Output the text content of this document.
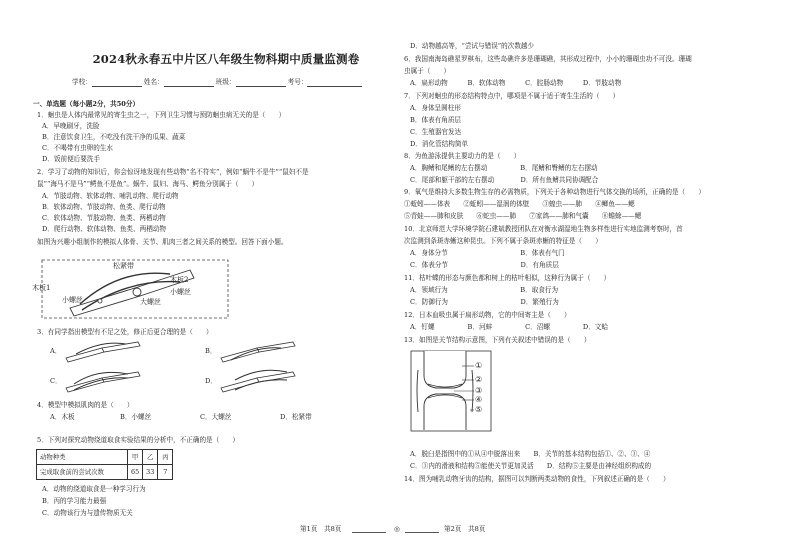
2024秋永春五中片区八年级生物科期中质量监测卷
学校：	姓名：	班级：	考号：
一、单选题（每小题2分，共50分）
1．蛔虫是人体内最常见的寄生虫之一，下列卫生习惯与预防蛔虫病无关的是（　　）
A．早晚刷牙，洗脸
B．注意饮食卫生，不吃没有洗干净的瓜果、蔬菜
C．不喝带有虫卵的生水
D．饭前便后要洗手
2．学习了动物的知识后，你会惊讶地发现有些动物“名不符实”，例如“蜗牛不是牛”“鼠妇不是
鼠”“海马不是马”“鳄鱼不是鱼”。蜗牛、鼠妇、海马、鳄鱼分别属于（　　）
A．节肢动物、软体动物、哺乳动物、爬行动物
B．软体动物、节肢动物、鱼类、爬行动物
C．软体动物、节肢动物、鱼类、两栖动物
D．爬行动物、软体动物、鱼类、两栖动物
如图为兴趣小组制作的模拟人体骨、关节、肌肉三者之间关系的模型。回答下面小题。
松紧带
木板2
木板1	小螺丝
小螺丝	大螺丝
3．有同学指出模型有不足之处，修正后更合理的是（　　）
A．	B．
C．	D．
4．模型中模拟肌肉的是（　　）
A．木板	B．小螺丝	C．大螺丝	D．松紧带
5．下列对探究动物绕道取食实验结果的分析中，不正确的是（　　）
动物种类	甲	乙	丙
完成取食前的尝试次数	65	33	7
A．动物的绕道取食是一种学习行为
B．丙的学习能力最强
C．动物该行为与遗传物质无关
D．动物越高等，“尝试与错误”的次数越少
6．我国南海岛礁星罗棋布，这些岛礁许多是珊瑚礁，其形成过程中，小小的珊瑚虫功不可没。珊瑚
虫属于（　　）
A．扁形动物　　　B．软体动物　　　C．腔肠动物　　　D．节肢动物
7．下列对蛔虫的形态结构特点中，哪项是不属于适于寄生生活的（　　）
A．身体呈圆柱形
B．体表有角质层
C．生殖器官发达
D．消化管结构简单
8．为鱼游泳提供主要动力的是（　　）
A．胸鳍和尾鳍的左右摆动　　　　　B．尾鳍和臀鳍的左右摆动
C．尾部和躯干部的左右摆动　　　　D．所有鱼鳍共同协调配合
9．氧气是维持大多数生物生存的必需物质，下列关于各种动物进行气体交换的场所，正确的是（　　）
①蚯蚓——体表　　②蚯蚓——湿润的体壁　　③蝗虫——肺　　④鲫鱼——鳃
⑤青蛙——肺和皮肤　　⑥蛇虫——肺　　⑦家鸽——肺和气囊　　⑧蟾蜍——鳃
10．北京师范大学环境学院石建斌教授团队在对衡水湖湿地生物多样性进行实地监测考察时，首
次监测到条斑赤蜥这种昆虫。下列不属于条斑赤蜥的特征是（　　）
A．身体分节　　　　　　　　　　　B．体表有气门
C．体表分节　　　　　　　　　　　D．有角质层
11．枯叶蝶的形态与颜色都和树上的枯叶相似，这种行为属于（　　）
A．领域行为　　　　　　　　　　　B．取食行为
C．防御行为　　　　　　　　　　　D．繁殖行为
12．日本血吸虫属于扁形动物，它的中间寄主是（　　）
A．钉螺　　　　　B．河蚌　　　　　C．沼螺　　　　　D．文蛤
13．如图是关节结构示意图，下列有关叙述中错误的是（　　）
①
②
③
④
⑤
A．脱臼是指图中的①从④中脱落出来　　B．关节的基本结构包括①、②、③、④
C．③内的滑液和结构⑤能使关节更加灵活　　D．结构⑤主要是由神经组织构成的
14．图为哺乳动物牙齿的结构，据图可以判断两类动物的食性，下列叙述正确的是（　　）
第1页　共8页	◎	第2页　共8页
